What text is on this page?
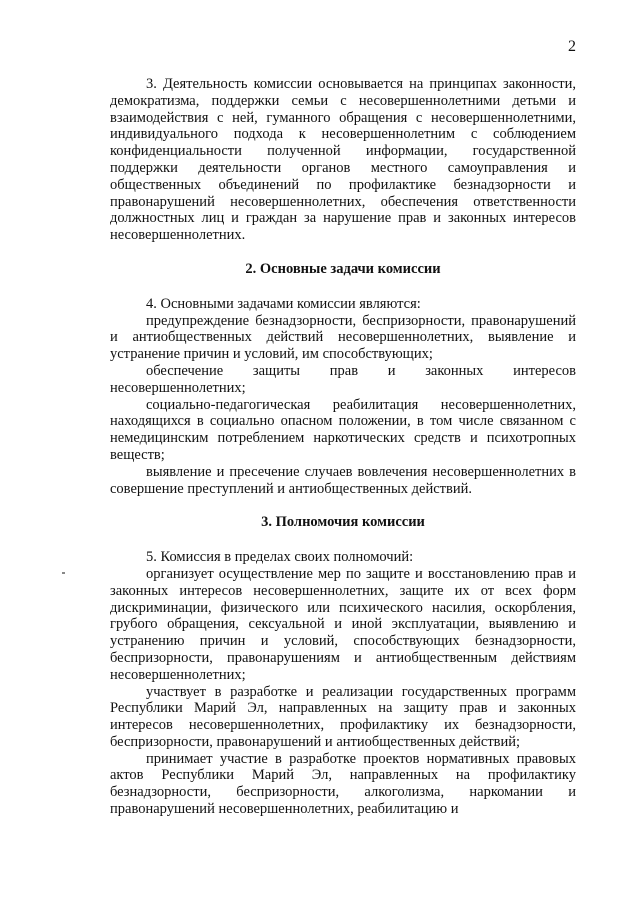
2

3. Деятельность комиссии основывается на принципах законности, демократизма, поддержки семьи с несовершеннолетними детьми и взаимодействия с ней, гуманного обращения с несовершеннолетними, индивидуального подхода к несовершеннолетним с соблюдением конфиденциальности полученной информации, государственной поддержки деятельности органов местного самоуправления и общественных объединений по профилактике безнадзорности и правонарушений несовершеннолетних, обеспечения ответственности должностных лиц и граждан за нарушение прав и законных интересов несовершеннолетних.

2. Основные задачи комиссии

4. Основными задачами комиссии являются:

предупреждение безнадзорности, беспризорности, правонарушений и антиобщественных действий несовершеннолетних, выявление и устранение причин и условий, им способствующих;

обеспечение защиты прав и законных интересов несовершеннолетних;

социально-педагогическая реабилитация несовершеннолетних, находящихся в социально опасном положении, в том числе связанном с немедицинским потреблением наркотических средств и психотропных веществ;

выявление и пресечение случаев вовлечения несовершеннолетних в совершение преступлений и антиобщественных действий.

3. Полномочия комиссии

5. Комиссия в пределах своих полномочий:

организует осуществление мер по защите и восстановлению прав и законных интересов несовершеннолетних, защите их от всех форм дискриминации, физического или психического насилия, оскорбления, грубого обращения, сексуальной и иной эксплуатации, выявлению и устранению причин и условий, способствующих безнадзорности, беспризорности, правонарушениям и антиобщественным действиям несовершеннолетних;

участвует в разработке и реализации государственных программ Республики Марий Эл, направленных на защиту прав и законных интересов несовершеннолетних, профилактику их безнадзорности, беспризорности, правонарушений и антиобщественных действий;

принимает участие в разработке проектов нормативных правовых актов Республики Марий Эл, направленных на профилактику безнадзорности, беспризорности, алкоголизма, наркомании и правонарушений несовершеннолетних, реабилитацию и
